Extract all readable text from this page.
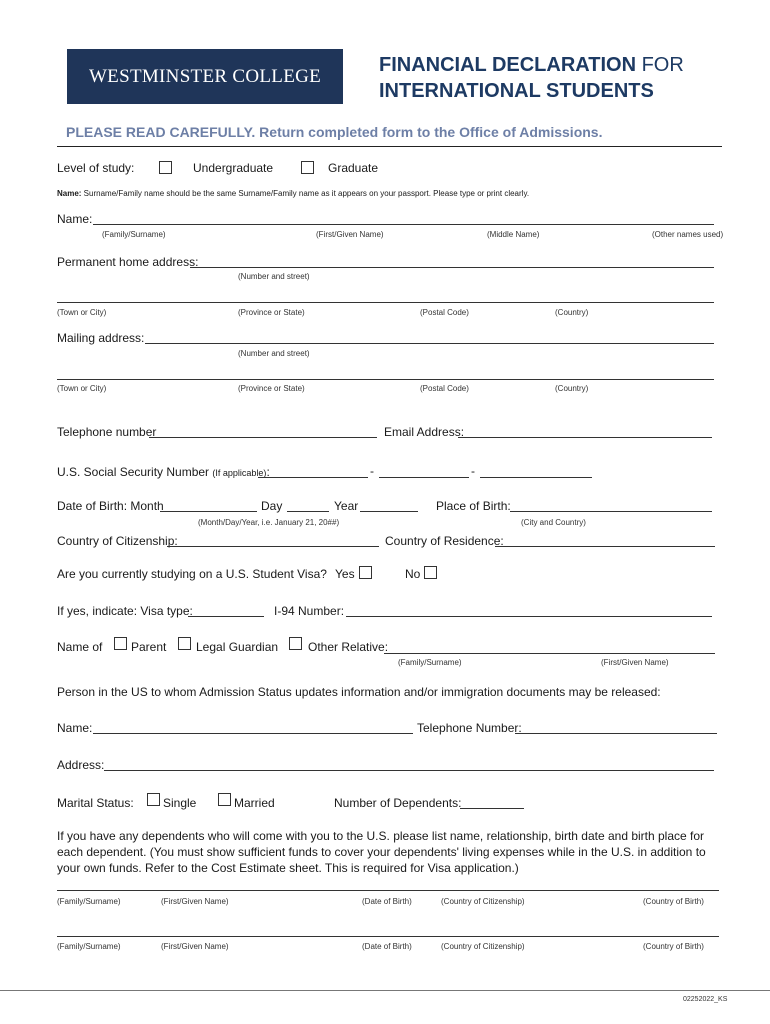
WESTMINSTER COLLEGE	FINANCIAL DECLARATION FOR
INTERNATIONAL STUDENTS
PLEASE READ CAREFULLY. Return completed form to the Office of Admissions.
Level of study:	Undergraduate	Graduate
Name: Surname/Family name should be the same Surname/Family name as it appears on your passport. Please type or print clearly.
Name:
(Family/Surname)	(First/Given Name)	(Middle Name)	(Other names used)
Permanent home address:
(Number and street)
(Town or City)	(Province or State)	(Postal Code)	(Country)
Mailing address:
(Number and street)
(Town or City)	(Province or State)	(Postal Code)	(Country)
Telephone number	Email Address:
U.S. Social Security Number (If applicable):	-	-
Date of Birth: Month	Day	Year	Place of Birth:
(Month/Day/Year, i.e. January 21, 20##)	(City and Country)
Country of Citizenship:	Country of Residence:
Are you currently studying on a U.S. Student Visa? Yes	No
If yes, indicate: Visa type:	I-94 Number:
Name of Parent Legal Guardian Other Relative:
(Family/Surname)	(First/Given Name)
Person in the US to whom Admission Status updates information and/or immigration documents may be released:
Name:	Telephone Number:
Address:
Marital Status: Single	Married	Number of Dependents:
If you have any dependents who will come with you to the U.S. please list name, relationship, birth date and birth place for each dependent. (You must show sufficient funds to cover your dependents' living expenses while in the U.S. in addition to your own funds. Refer to the Cost Estimate sheet. This is required for Visa application.)
(Family/Surname)	(First/Given Name)	(Date of Birth)	(Country of Citizenship)	(Country of Birth)
(Family/Surname)	(First/Given Name)	(Date of Birth)	(Country of Citizenship)	(Country of Birth)
02252022_KS
